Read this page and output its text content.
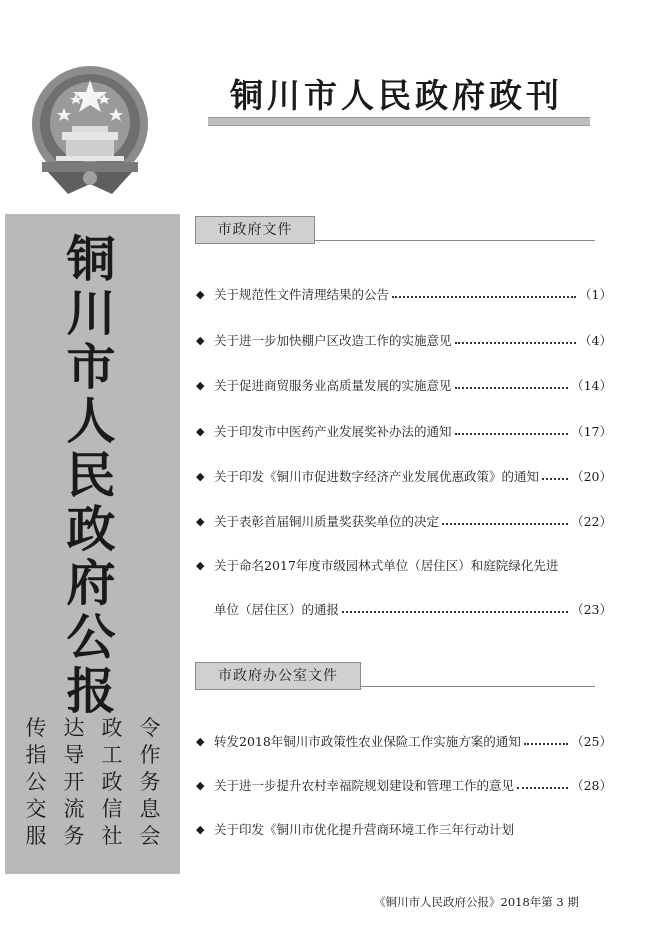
铜川市人民政府政刊
铜
川
市
人
民
政
府
公
报
令
作
务
息
会
政
工
政
信
社
达
导
开
流
务
传
指
公
交
服
市政府文件
◆ 关于规范性文件清理结果的公告	（1）
◆ 关于进一步加快棚户区改造工作的实施意见	（4）
◆ 关于促进商贸服务业高质量发展的实施意见	（14）
◆ 关于印发市中医药产业发展奖补办法的通知	（17）
◆ 关于印发《铜川市促进数字经济产业发展优惠政策》的通知	（20）
◆ 关于表彰首届铜川质量奖获奖单位的决定	（22）
◆ 关于命名2017年度市级园林式单位（居住区）和庭院绿化先进
单位（居住区）的通报	（23）
市政府办公室文件
◆ 转发2018年铜川市政策性农业保险工作实施方案的通知	（25）
◆ 关于进一步提升农村幸福院规划建设和管理工作的意见	（28）
◆ 关于印发《铜川市优化提升营商环境工作三年行动计划
《铜川市人民政府公报》2018年第 3 期
